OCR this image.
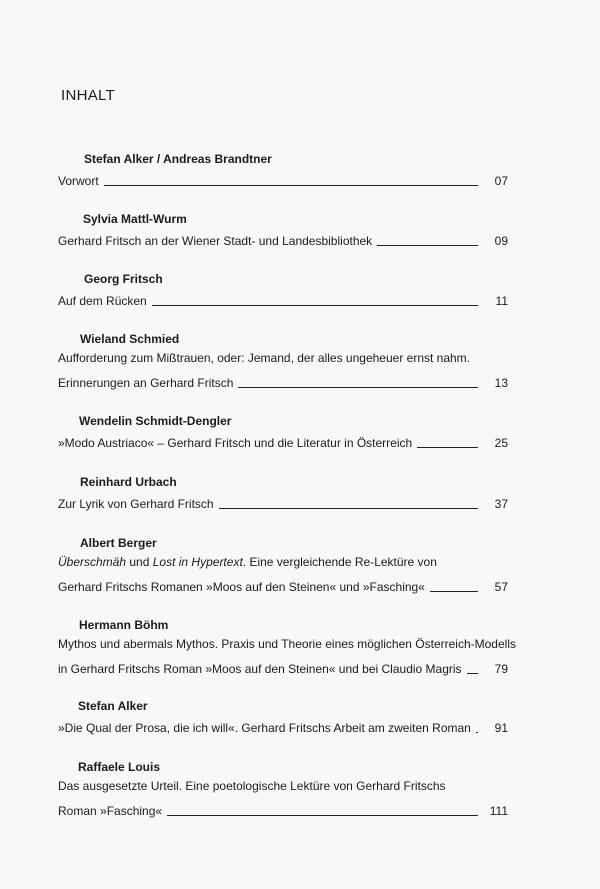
INHALT
Stefan Alker / Andreas Brandtner
Vorwort	07
Sylvia Mattl-Wurm
Gerhard Fritsch an der Wiener Stadt- und Landesbibliothek	09
Georg Fritsch
Auf dem Rücken	11
Wieland Schmied
Aufforderung zum Mißtrauen, oder: Jemand, der alles ungeheuer ernst nahm.
Erinnerungen an Gerhard Fritsch	13
Wendelin Schmidt-Dengler
»Modo Austriaco« – Gerhard Fritsch und die Literatur in Österreich	25
Reinhard Urbach
Zur Lyrik von Gerhard Fritsch	37
Albert Berger
Überschmäh und Lost in Hypertext. Eine vergleichende Re-Lektüre von
Gerhard Fritschs Romanen »Moos auf den Steinen« und »Fasching«	57
Hermann Böhm
Mythos und abermals Mythos. Praxis und Theorie eines möglichen Österreich-Modells
in Gerhard Fritschs Roman »Moos auf den Steinen« und bei Claudio Magris	79
Stefan Alker
»Die Qual der Prosa, die ich will«. Gerhard Fritschs Arbeit am zweiten Roman	91
Raffaele Louis
Das ausgesetzte Urteil. Eine poetologische Lektüre von Gerhard Fritschs
Roman »Fasching«	111
